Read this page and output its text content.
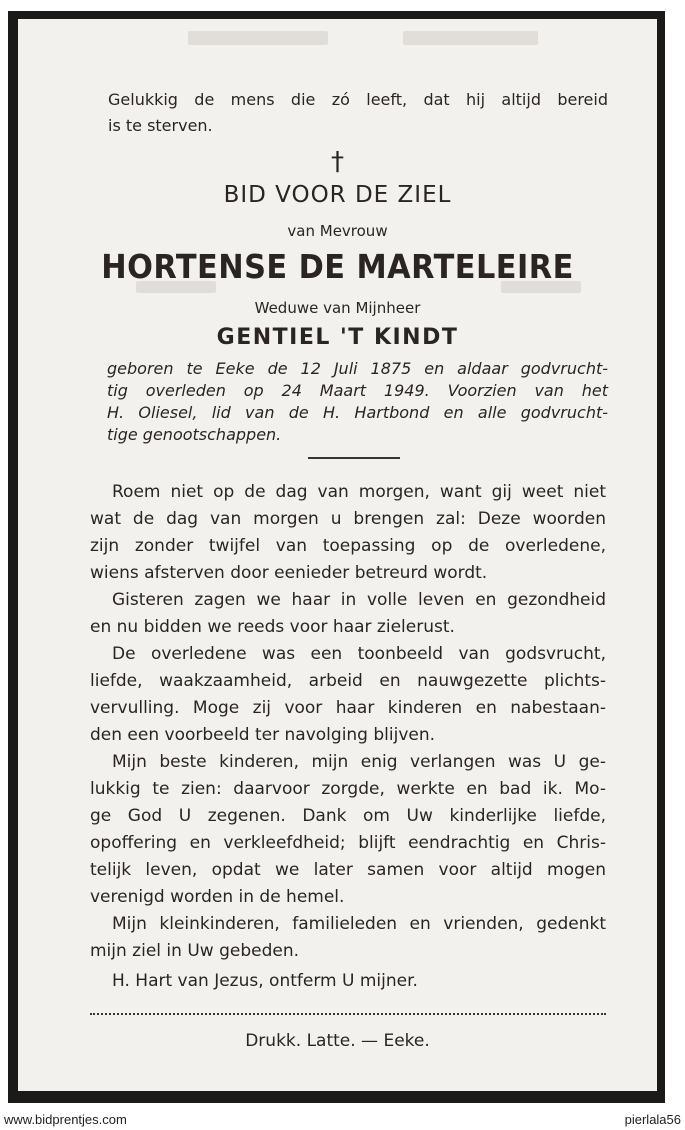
Gelukkig de mens die zó leeft, dat hij altijd bereid
is te sterven.
†
BID VOOR DE ZIEL
van Mevrouw
HORTENSE DE MARTELEIRE
Weduwe van Mijnheer
GENTIEL 'T KINDT
geboren te Eeke de 12 Juli 1875 en aldaar godvrucht-
tig overleden op 24 Maart 1949. Voorzien van het
H. Oliesel, lid van de H. Hartbond en alle godvrucht-
tige genootschappen.
Roem niet op de dag van morgen, want gij weet niet
wat de dag van morgen u brengen zal: Deze woorden
zijn zonder twijfel van toepassing op de overledene,
wiens afsterven door eenieder betreurd wordt.
Gisteren zagen we haar in volle leven en gezondheid
en nu bidden we reeds voor haar zielerust.
De overledene was een toonbeeld van godsvrucht,
liefde, waakzaamheid, arbeid en nauwgezette plichts-
vervulling. Moge zij voor haar kinderen en nabestaan-
den een voorbeeld ter navolging blijven.
Mijn beste kinderen, mijn enig verlangen was U ge-
lukkig te zien: daarvoor zorgde, werkte en bad ik. Mo-
ge God U zegenen. Dank om Uw kinderlijke liefde,
opoffering en verkleefdheid; blijft eendrachtig en Chris-
telijk leven, opdat we later samen voor altijd mogen
verenigd worden in de hemel.
Mijn kleinkinderen, familieleden en vrienden, gedenkt
mijn ziel in Uw gebeden.
H. Hart van Jezus, ontferm U mijner.
Drukk. Latte. — Eeke.
www.bidprentjes.com	pierlala56
